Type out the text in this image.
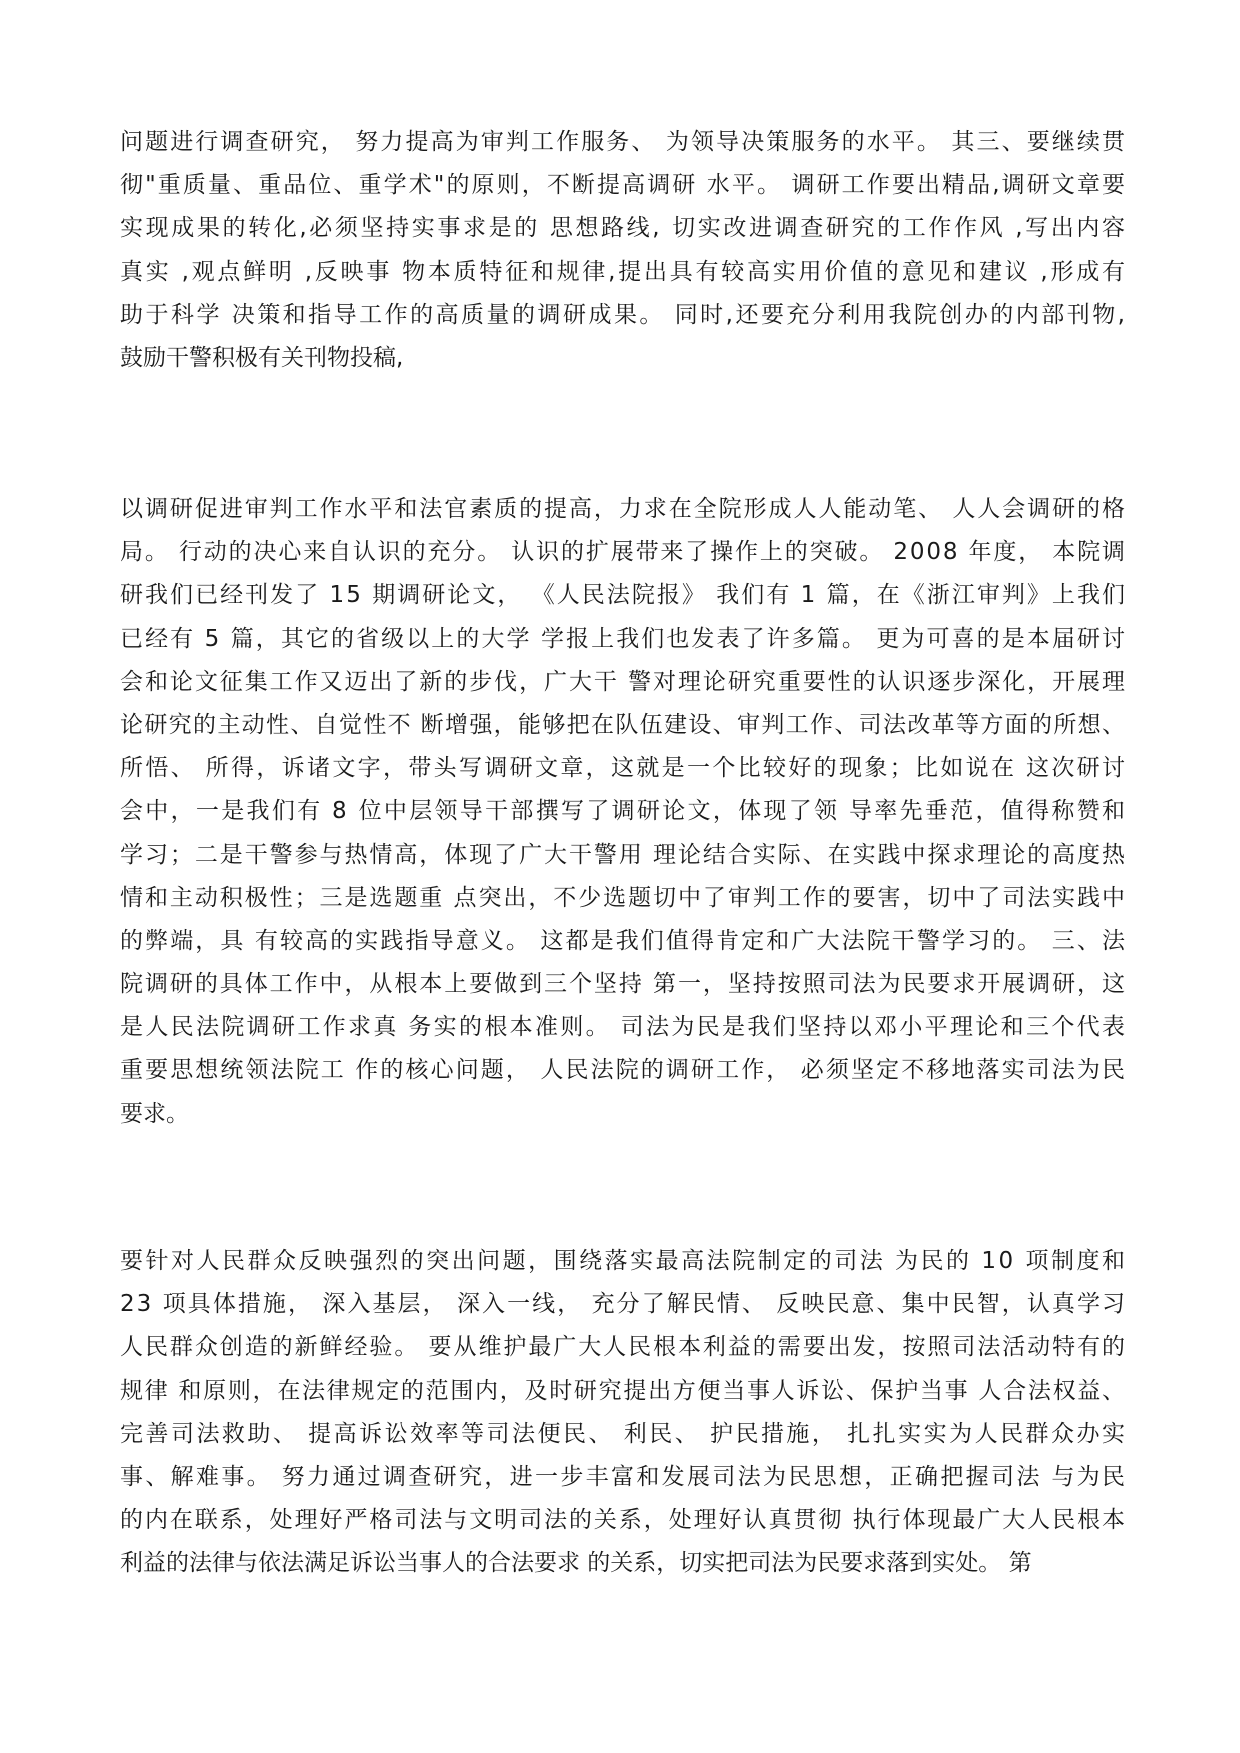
问题进行调查研究， 努力提高为审判工作服务、 为领导决策服务的水平。 其三、要继续贯
彻"重质量、重品位、重学术"的原则，不断提高调研 水平。 调研工作要出精品,调研文章要
实现成果的转化,必须坚持实事求是的 思想路线, 切实改进调查研究的工作作风 ,写出内容
真实 ,观点鲜明 ,反映事 物本质特征和规律,提出具有较高实用价值的意见和建议 ,形成有
助于科学 决策和指导工作的高质量的调研成果。 同时,还要充分利用我院创办的内部刊物,
鼓励干警积极有关刊物投稿,
以调研促进审判工作水平和法官素质的提高，力求在全院形成人人能动笔、 人人会调研的格
局。 行动的决心来自认识的充分。 认识的扩展带来了操作上的突破。 2008 年度， 本院调
研我们已经刊发了 15 期调研论文， 《人民法院报》 我们有 1 篇，在《浙江审判》上我们
已经有 5 篇，其它的省级以上的大学 学报上我们也发表了许多篇。 更为可喜的是本届研讨
会和论文征集工作又迈出了新的步伐，广大干 警对理论研究重要性的认识逐步深化，开展理
论研究的主动性、自觉性不 断增强，能够把在队伍建设、审判工作、司法改革等方面的所想、
所悟、 所得，诉诸文字，带头写调研文章，这就是一个比较好的现象；比如说在 这次研讨
会中，一是我们有 8 位中层领导干部撰写了调研论文，体现了领 导率先垂范，值得称赞和
学习；二是干警参与热情高，体现了广大干警用 理论结合实际、在实践中探求理论的高度热
情和主动积极性；三是选题重 点突出，不少选题切中了审判工作的要害，切中了司法实践中
的弊端，具 有较高的实践指导意义。 这都是我们值得肯定和广大法院干警学习的。 三、法
院调研的具体工作中，从根本上要做到三个坚持 第一，坚持按照司法为民要求开展调研，这
是人民法院调研工作求真 务实的根本准则。 司法为民是我们坚持以邓小平理论和三个代表
重要思想统领法院工 作的核心问题， 人民法院的调研工作， 必须坚定不移地落实司法为民
要求。
要针对人民群众反映强烈的突出问题，围绕落实最高法院制定的司法 为民的 10 项制度和
23 项具体措施， 深入基层， 深入一线， 充分了解民情、 反映民意、集中民智，认真学习
人民群众创造的新鲜经验。 要从维护最广大人民根本利益的需要出发，按照司法活动特有的
规律 和原则，在法律规定的范围内，及时研究提出方便当事人诉讼、保护当事 人合法权益、
完善司法救助、 提高诉讼效率等司法便民、 利民、 护民措施， 扎扎实实为人民群众办实
事、解难事。 努力通过调查研究，进一步丰富和发展司法为民思想，正确把握司法 与为民
的内在联系，处理好严格司法与文明司法的关系，处理好认真贯彻 执行体现最广大人民根本
利益的法律与依法满足诉讼当事人的合法要求 的关系，切实把司法为民要求落到实处。 第
